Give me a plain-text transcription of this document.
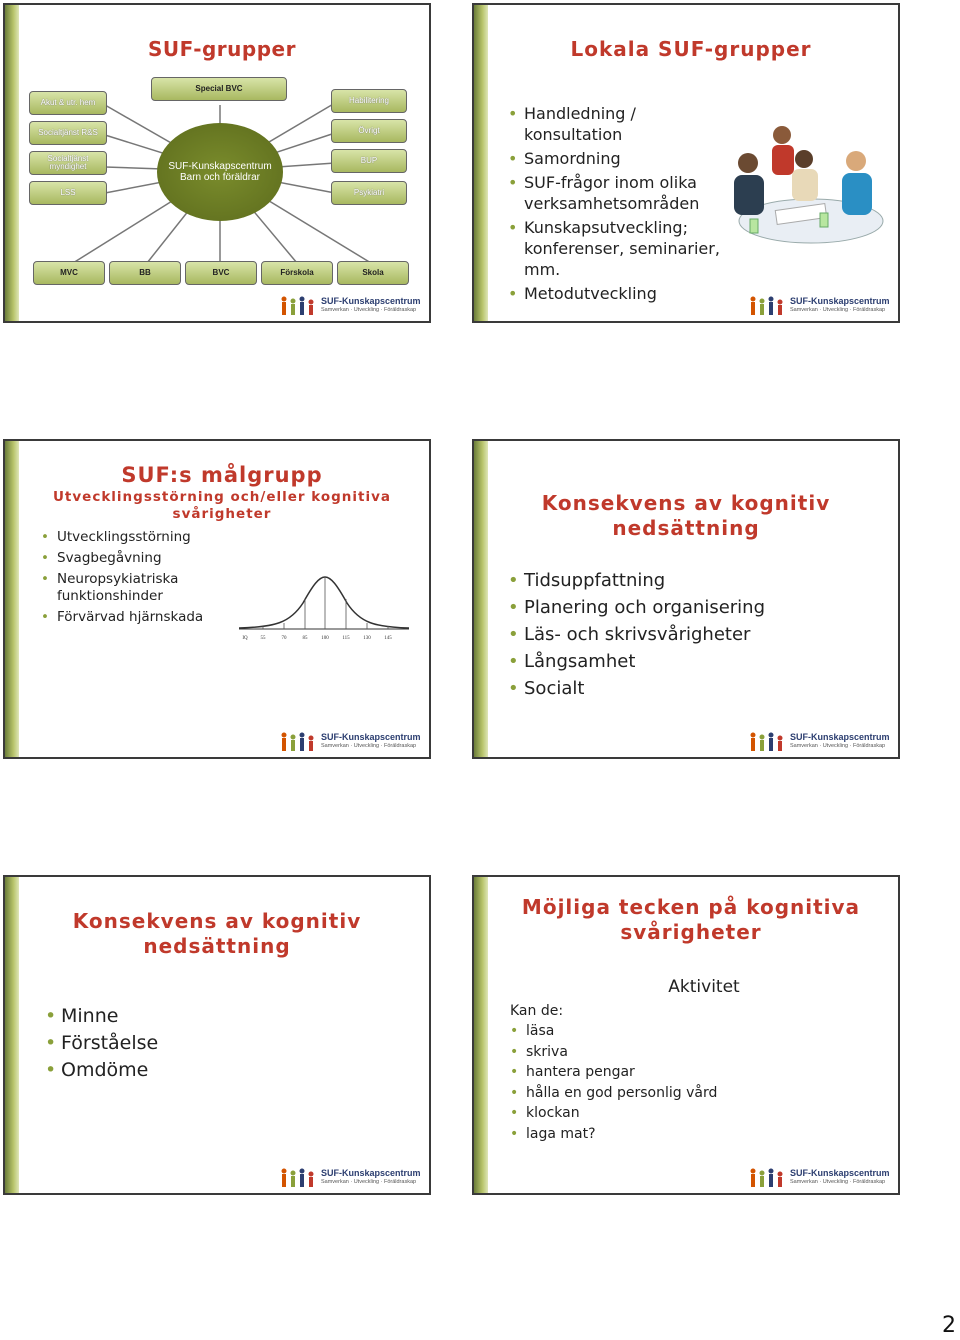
SUF-grupper
Special BVC
Akut & utr. hem
Socialtjänst R&S
Socialtjänst myndighet
LSS
Habilitering
Övrigt
BUP
Psykiatri
SUF-Kunskapscentrum
Barn och föräldrar
MVC	BB	BVC	Förskola	Skola
SUF-Kunskapscentrum
Samverkan · Utveckling · Föräldraskap
Lokala SUF-grupper
• Handledning / konsultation
• Samordning
• SUF-frågor inom olika verksamhetsområden
• Kunskapsutveckling; konferenser, seminarier, mm.
• Metodutveckling	SUF-Kunskapscentrum
Samverkan · Utveckling · Föräldraskap
SUF:s målgrupp
Utvecklingsstörning och/eller kognitiva svårigheter
• Utvecklingsstörning
• Svagbegåvning
• Neuropsykiatriska funktionshinder
• Förvärvad hjärnskada
IQ	55	70	85	100	115	130	145
SUF-Kunskapscentrum
Samverkan · Utveckling · Föräldraskap
Konsekvens av kognitiv nedsättning
• Tidsuppfattning
• Planering och organisering
• Läs- och skrivsvårigheter
• Långsamhet
• Socialt
SUF-Kunskapscentrum
Samverkan · Utveckling · Föräldraskap
Konsekvens av kognitiv nedsättning
• Minne
• Förståelse
• Omdöme
SUF-Kunskapscentrum
Samverkan · Utveckling · Föräldraskap
Möjliga tecken på kognitiva svårigheter
Aktivitet
Kan de:
• läsa
• skriva
• hantera pengar
• hålla en god personlig vård
• klockan
• laga mat?
SUF-Kunskapscentrum
Samverkan · Utveckling · Föräldraskap
2
